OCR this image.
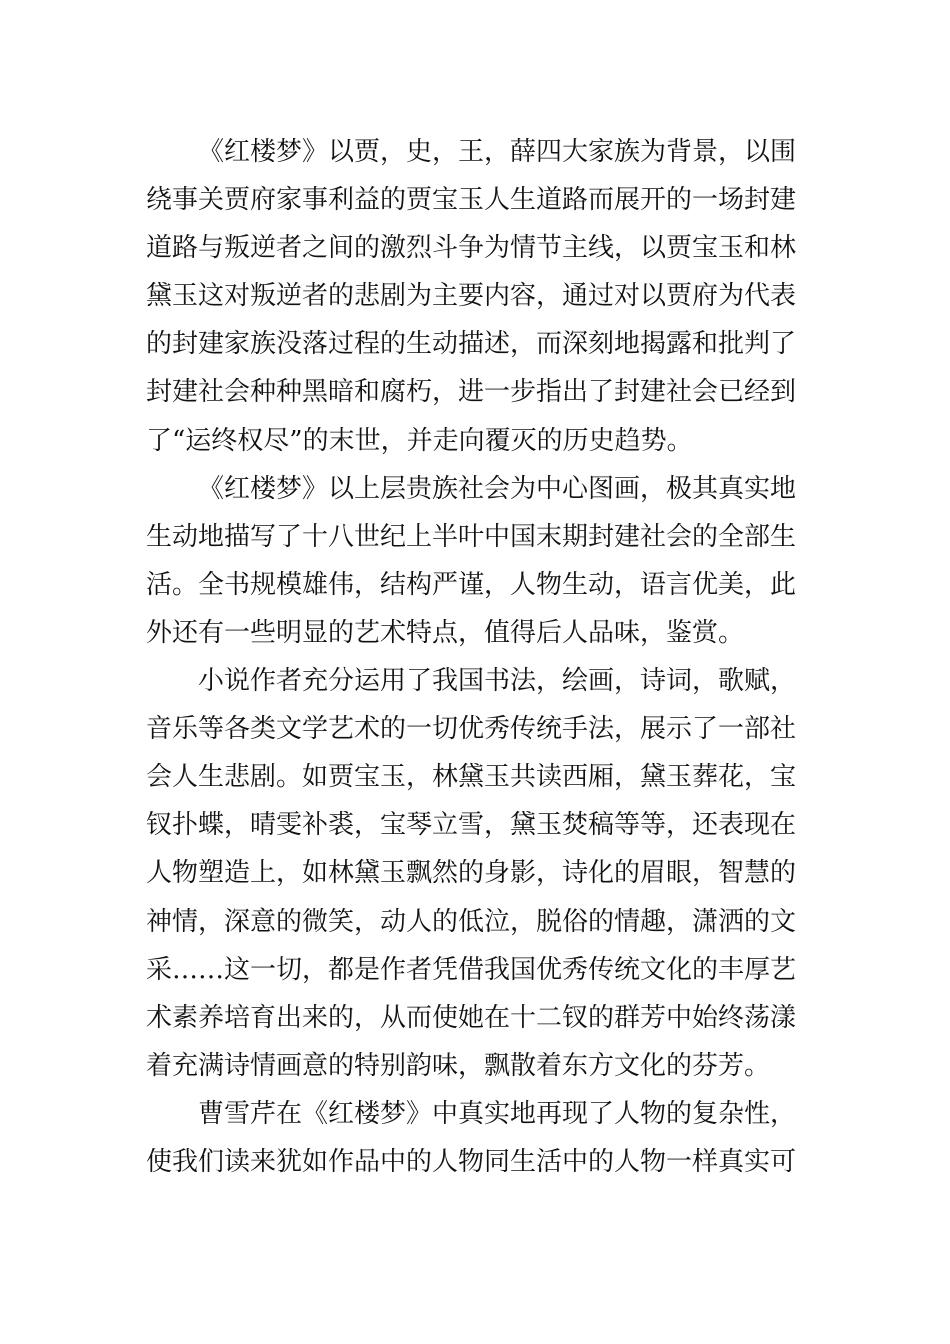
《红楼梦》以贾，史，王，薛四大家族为背景，以围
绕事关贾府家事利益的贾宝玉人生道路而展开的一场封建
道路与叛逆者之间的激烈斗争为情节主线，以贾宝玉和林
黛玉这对叛逆者的悲剧为主要内容，通过对以贾府为代表
的封建家族没落过程的生动描述，而深刻地揭露和批判了
封建社会种种黑暗和腐朽，进一步指出了封建社会已经到
了“运终权尽”的末世，并走向覆灭的历史趋势。
《红楼梦》以上层贵族社会为中心图画，极其真实地
生动地描写了十八世纪上半叶中国末期封建社会的全部生
活。全书规模雄伟，结构严谨，人物生动，语言优美，此
外还有一些明显的艺术特点，值得后人品味，鉴赏。
小说作者充分运用了我国书法，绘画，诗词，歌赋，
音乐等各类文学艺术的一切优秀传统手法，展示了一部社
会人生悲剧。如贾宝玉，林黛玉共读西厢，黛玉葬花，宝
钗扑蝶，晴雯补裘，宝琴立雪，黛玉焚稿等等，还表现在
人物塑造上，如林黛玉飘然的身影，诗化的眉眼，智慧的
神情，深意的微笑，动人的低泣，脱俗的情趣，潇洒的文
采……这一切，都是作者凭借我国优秀传统文化的丰厚艺
术素养培育出来的，从而使她在十二钗的群芳中始终荡漾
着充满诗情画意的特别韵味，飘散着东方文化的芬芳。
曹雪芹在《红楼梦》中真实地再现了人物的复杂性，
使我们读来犹如作品中的人物同生活中的人物一样真实可
